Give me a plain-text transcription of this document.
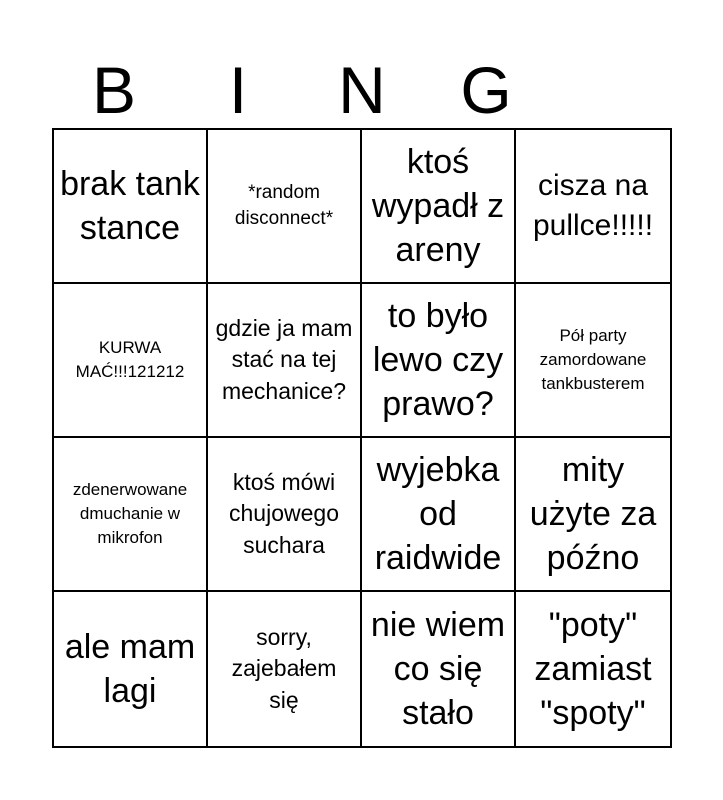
B	I	N	G
brak tank stance
*random disconnect*
ktoś wypadł z areny
cisza na pullce!!!!!
KURWA MAĆ!!!121212
gdzie ja mam stać na tej mechanice?
to było lewo czy prawo?
Pół party zamordowane tankbusterem
zdenerwowane dmuchanie w mikrofon
ktoś mówi chujowego suchara
wyjebka od raidwide
mity użyte za późno
ale mam lagi
sorry, zajebałem się
nie wiem co się stało
"poty" zamiast "spoty"
